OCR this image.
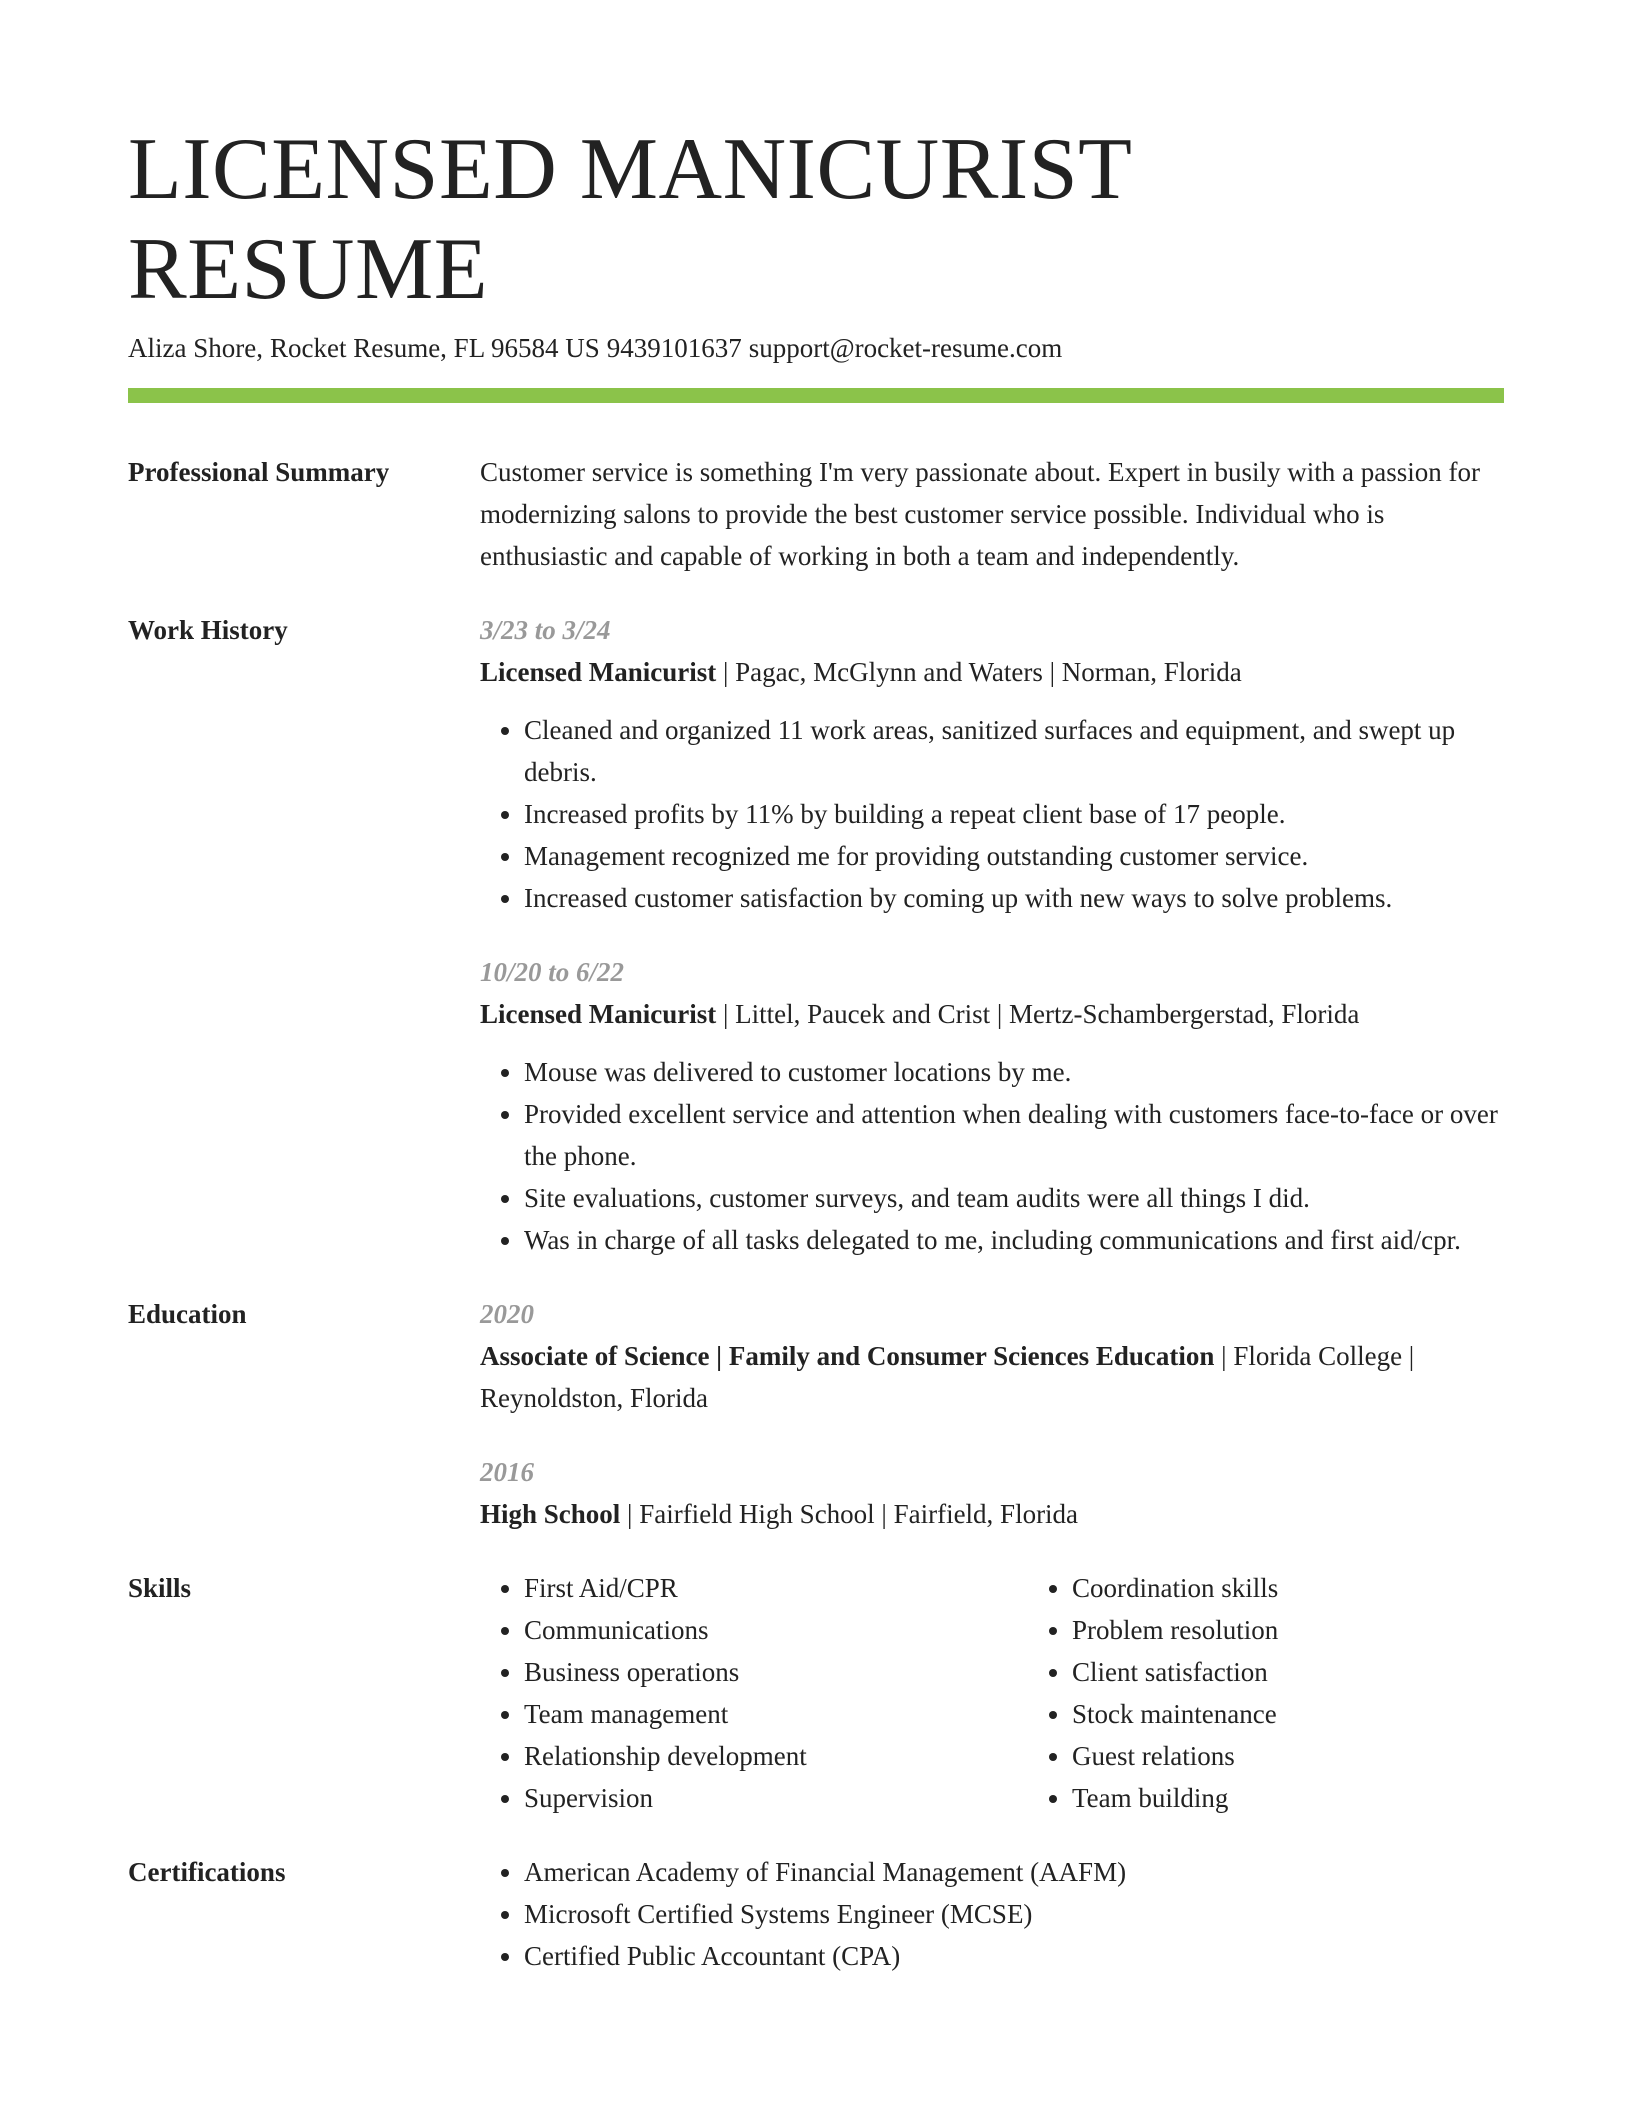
LICENSED MANICURIST RESUME
Aliza Shore, Rocket Resume, FL 96584 US 9439101637 support@rocket-resume.com
Professional Summary	Customer service is something I'm very passionate about. Expert in busily with a passion for modernizing salons to provide the best customer service possible. Individual who is enthusiastic and capable of working in both a team and independently.
Work History	3/23 to 3/24
Licensed Manicurist | Pagac, McGlynn and Waters | Norman, Florida
• Cleaned and organized 11 work areas, sanitized surfaces and equipment, and swept up debris.
• Increased profits by 11% by building a repeat client base of 17 people.
• Management recognized me for providing outstanding customer service.
• Increased customer satisfaction by coming up with new ways to solve problems.
10/20 to 6/22
Licensed Manicurist | Littel, Paucek and Crist | Mertz-Schambergerstad, Florida
• Mouse was delivered to customer locations by me.
• Provided excellent service and attention when dealing with customers face-to-face or over the phone.
• Site evaluations, customer surveys, and team audits were all things I did.
• Was in charge of all tasks delegated to me, including communications and first aid/cpr.
Education	2020
Associate of Science | Family and Consumer Sciences Education | Florida College | Reynoldston, Florida
2016
High School | Fairfield High School | Fairfield, Florida
Skills	• First Aid/CPR
• Communications
• Business operations
• Team management
• Relationship development
• Supervision
• Coordination skills
• Problem resolution
• Client satisfaction
• Stock maintenance
• Guest relations
• Team building
Certifications	• American Academy of Financial Management (AAFM)
• Microsoft Certified Systems Engineer (MCSE)
• Certified Public Accountant (CPA)
